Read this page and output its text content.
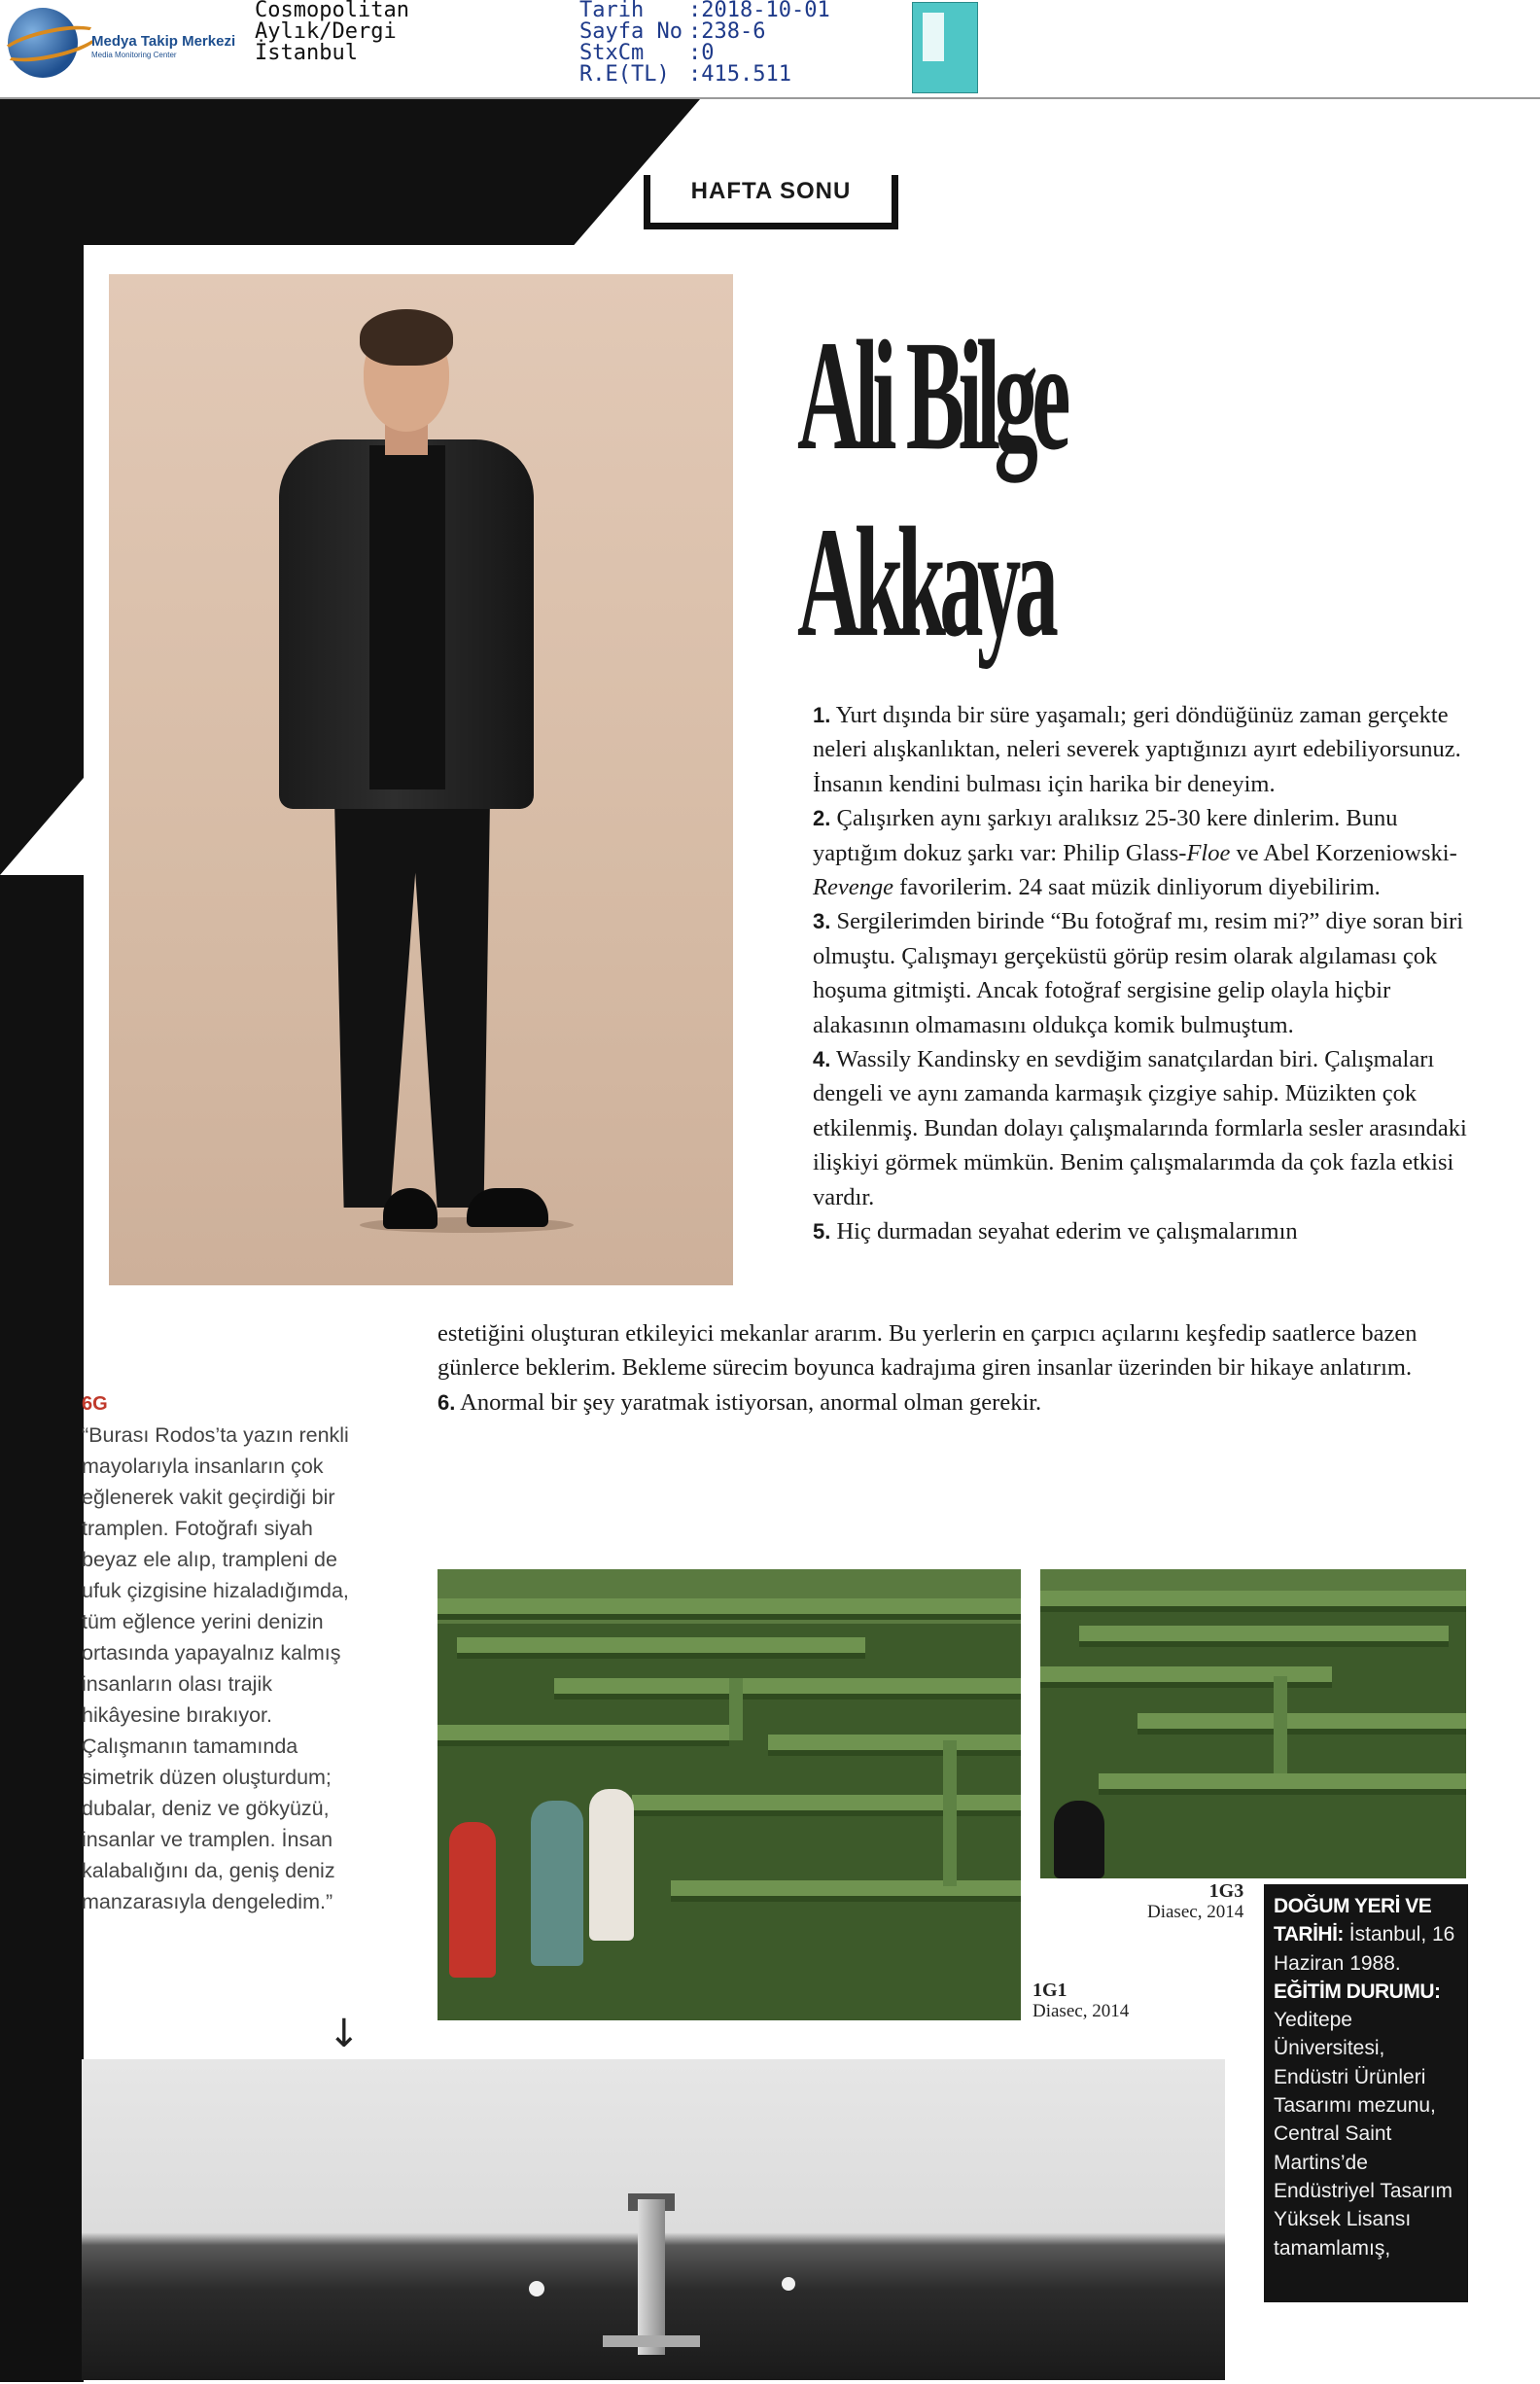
Medya Takip Merkezi
Media Monitoring Center
Cosmopolitan
Aylık/Dergi
İstanbul
Tarih	:2018-10-01
Sayfa No :238-6
StxCm	:0
R.E(TL) :415.511
HAFTA SONU
Ali Bilge
Akkaya

1. Yurt dışında bir süre yaşamalı; geri döndüğünüz zaman gerçekte neleri alışkanlıktan, neleri severek yaptığınızı ayırt edebiliyorsunuz. İnsanın kendini bulması için harika bir deneyim.

2. Çalışırken aynı şarkıyı aralıksız 25-30 kere dinlerim. Bunu yaptığım dokuz şarkı var: Philip Glass-Floe ve Abel Korzeniowski-Revenge favorilerim. 24 saat müzik dinliyorum diyebilirim.

3. Sergilerimden birinde “Bu fotoğraf mı, resim mi?” diye soran biri olmuştu. Çalışmayı gerçeküstü görüp resim olarak algılaması çok hoşuma gitmişti. Ancak fotoğraf sergisine gelip olayla hiçbir alakasının olmamasını oldukça komik bulmuştum.

4. Wassily Kandinsky en sevdiğim sanatçılardan biri. Çalışmaları dengeli ve aynı zamanda karmaşık çizgiye sahip. Müzikten çok etkilenmiş. Bundan dolayı çalışmalarında formlarla sesler arasındaki ilişkiyi görmek mümkün. Benim çalışmalarımda da çok fazla etkisi vardır.

5. Hiç durmadan seyahat ederim ve çalışmalarımın

estetiğini oluşturan etkileyici mekanlar ararım. Bu yerlerin en çarpıcı açılarını keşfedip saatlerce bazen günlerce beklerim. Bekleme sürecim boyunca kadrajıma giren insanlar üzerinden bir hikaye anlatırım.

6. Anormal bir şey yaratmak istiyorsan, anormal olman gerekir.

6G
“Burası Rodos’ta yazın renkli mayolarıyla insanların çok eğlenerek vakit geçirdiği bir tramplen. Fotoğrafı siyah beyaz ele alıp, trampleni de ufuk çizgisine hizaladığımda, tüm eğlence yerini denizin ortasında yapayalnız kalmış insanların olası trajik hikâyesine bırakıyor. Çalışmanın tamamında simetrik düzen oluşturdum; dubalar, deniz ve gökyüzü, insanlar ve tramplen. İnsan kalabalığını da, geniş deniz manzarasıyla dengeledim.”
↓
1G1
Diasec, 2014
1G3
Diasec, 2014	DOĞUM YERİ VE TARİHİ: İstanbul, 16 Haziran 1988.
EĞİTİM DURUMU: Yeditepe Üniversitesi, Endüstri Ürünleri Tasarımı mezunu, Central Saint Martins’de Endüstriyel Tasarım Yüksek Lisansı tamamlamış,
